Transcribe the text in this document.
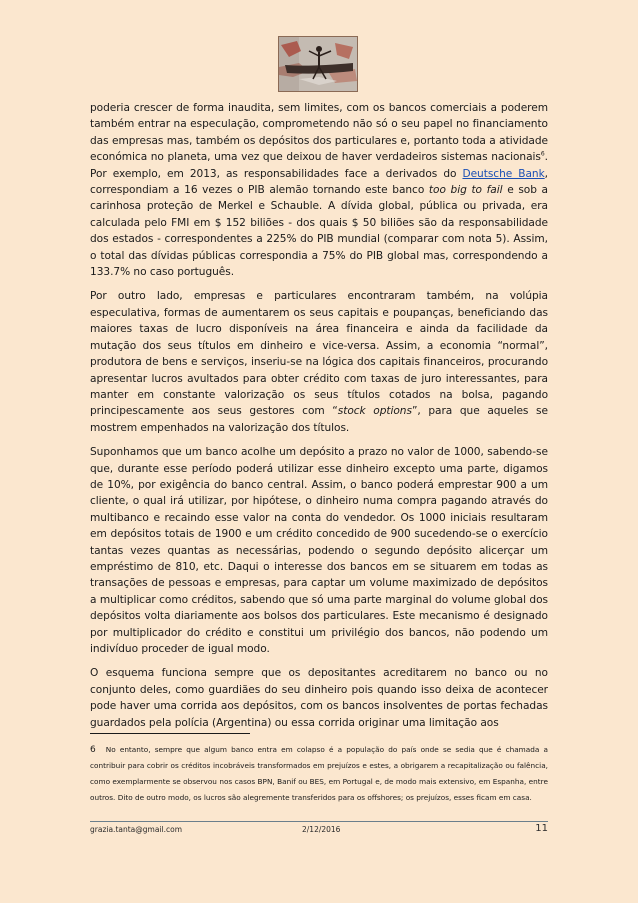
poderia crescer de forma inaudita, sem limites, com os bancos comerciais a poderem também entrar na especulação, comprometendo não só o seu papel no financiamento das empresas mas, também os depósitos dos particulares e, portanto toda a atividade económica no planeta, uma vez que deixou de haver verdadeiros sistemas nacionais$^6$. Por exemplo, em 2013, as responsabilidades face a derivados do Deutsche Bank, correspondiam a 16 vezes o PIB alemão tornando este banco too big to fail e sob a carinhosa proteção de Merkel e Schauble. A dívida global, pública ou privada, era calculada pelo FMI em $ 152 biliões - dos quais $ 50 biliões são da responsabilidade dos estados - correspondentes a 225% do PIB mundial (comparar com nota 5). Assim, o total das dívidas públicas correspondia a 75% do PIB global mas, correspondendo a 133.7% no caso português.

Por outro lado, empresas e particulares encontraram também, na volúpia especulativa, formas de aumentarem os seus capitais e poupanças, beneficiando das maiores taxas de lucro disponíveis na área financeira e ainda da facilidade da mutação dos seus títulos em dinheiro e vice-versa. Assim, a economia “normal”, produtora de bens e serviços, inseriu-se na lógica dos capitais financeiros, procurando apresentar lucros avultados para obter crédito com taxas de juro interessantes, para manter em constante valorização os seus títulos cotados na bolsa, pagando principescamente aos seus gestores com “stock options”, para que aqueles se mostrem empenhados na valorização dos títulos.

Suponhamos que um banco acolhe um depósito a prazo no valor de 1000, sabendo-se que, durante esse período poderá utilizar esse dinheiro excepto uma parte, digamos de 10%, por exigência do banco central. Assim, o banco poderá emprestar 900 a um cliente, o qual irá utilizar, por hipótese, o dinheiro numa compra pagando através do multibanco e recaindo esse valor na conta do vendedor. Os 1000 iniciais resultaram em depósitos totais de 1900 e um crédito concedido de 900 sucedendo-se o exercício tantas vezes quantas as necessárias, podendo o segundo depósito alicerçar um empréstimo de 810, etc. Daqui o interesse dos bancos em se situarem em todas as transações de pessoas e empresas, para captar um volume maximizado de depósitos a multiplicar como créditos, sabendo que só uma parte marginal do volume global dos depósitos volta diariamente aos bolsos dos particulares. Este mecanismo é designado por multiplicador do crédito e constitui um privilégio dos bancos, não podendo um indivíduo proceder de igual modo.

O esquema funciona sempre que os depositantes acreditarem no banco ou no conjunto deles, como guardiães do seu dinheiro pois quando isso deixa de acontecer pode haver uma corrida aos depósitos, com os bancos insolventes de portas fechadas guardados pela polícia (Argentina) ou essa corrida originar uma limitação aos

6 No entanto, sempre que algum banco entra em colapso é a população do país onde se sedia que é chamada a contribuir para cobrir os créditos incobráveis transformados em prejuízos e estes, a obrigarem a recapitalização ou falência, como exemplarmente se observou nos casos BPN, Banif ou BES, em Portugal e, de modo mais extensivo, em Espanha, entre outros. Dito de outro modo, os lucros são alegremente transferidos para os offshores; os prejuízos, esses ficam em casa.

grazia.tanta@gmail.com	2/12/2016	11
